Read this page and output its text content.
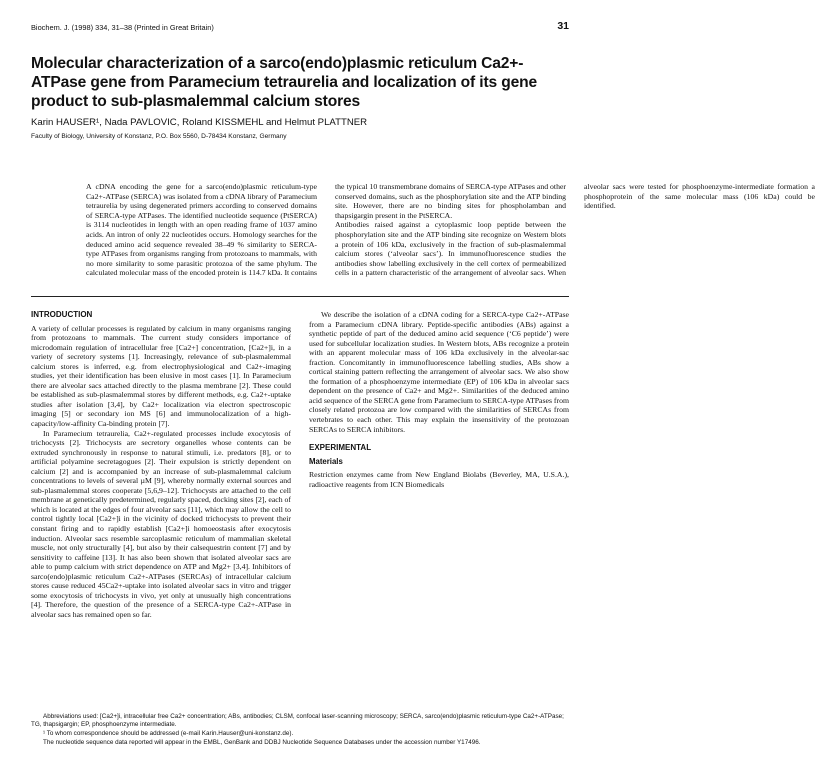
Biochem. J. (1998) 334, 31–38 (Printed in Great Britain)	31
Molecular characterization of a sarco(endo)plasmic reticulum Ca2+-ATPase gene from Paramecium tetraurelia and localization of its gene product to sub-plasmalemmal calcium stores
Karin HAUSER¹, Nada PAVLOVIC, Roland KISSMEHL and Helmut PLATTNER
Faculty of Biology, University of Konstanz, P.O. Box 5560, D-78434 Konstanz, Germany

A cDNA encoding the gene for a sarco(endo)plasmic reticulum-type Ca2+-ATPase (SERCA) was isolated from a cDNA library of Paramecium tetraurelia by using degenerated primers according to conserved domains of SERCA-type ATPases. The identified nucleotide sequence (PtSERCA) is 3114 nucleotides in length with an open reading frame of 1037 amino acids. An intron of only 22 nucleotides occurs. Homology searches for the deduced amino acid sequence revealed 38–49 % similarity to SERCA-type ATPases from organisms ranging from protozoans to mammals, with no more similarity to some parasitic protozoa of the same phylum. The calculated molecular mass of the encoded protein is 114.7 kDa. It contains the typical 10 transmembrane domains of SERCA-type ATPases and other conserved domains, such as the phosphorylation site and the ATP binding site. However, there are no binding sites for phospholamban and thapsigargin present in the PtSERCA.

Antibodies raised against a cytoplasmic loop peptide between the phosphorylation site and the ATP binding site recognize on Western blots a protein of 106 kDa, exclusively in the fraction of sub-plasmalemmal calcium stores (‘alveolar sacs’). In immunofluorescence studies the antibodies show labelling exclusively in the cell cortex of permeabilized cells in a pattern characteristic of the arrangement of alveolar sacs. When alveolar sacs were tested for phosphoenzyme-intermediate formation a phosphoprotein of the same molecular mass (106 kDa) could be identified.

INTRODUCTION

A variety of cellular processes is regulated by calcium in many organisms ranging from protozoans to mammals. The current study considers importance of microdomain regulation of intracellular free [Ca2+] concentration, [Ca2+]i, in a variety of secretory systems [1]. Increasingly, relevance of sub-plasmalemmal calcium stores is inferred, e.g. from electrophysiological and Ca2+-imaging studies, yet their identification has been elusive in most cases [1]. In Paramecium there are alveolar sacs attached directly to the plasma membrane [2]. These could be established as sub-plasmalemmal stores by different methods, e.g. Ca2+-uptake studies after isolation [3,4], by Ca2+ localization via electron spectroscopic imaging [5] or secondary ion MS [6] and immunolocalization of a high-capacity/low-affinity Ca-binding protein [7].

In Paramecium tetraurelia, Ca2+-regulated processes include exocytosis of trichocysts [2]. Trichocysts are secretory organelles whose contents can be extruded synchronously in response to natural stimuli, i.e. predators [8], or to artificial polyamine secretagogues [2]. Their expulsion is strictly dependent on calcium [2] and is accompanied by an increase of sub-plasmalemmal calcium concentrations to levels of several µM [9], whereby normally external sources and sub-plasmalemmal stores cooperate [5,6,9–12]. Trichocysts are attached to the cell membrane at genetically predetermined, regularly spaced, docking sites [2], each of which is located at the edges of four alveolar sacs [11], which may allow the cell to control tightly local [Ca2+]i in the vicinity of docked trichocysts to prevent their constant firing and to rapidly establish [Ca2+]i homoeostasis after exocytosis induction. Alveolar sacs resemble sarcoplasmic reticulum of mammalian skeletal muscle, not only structurally [4], but also by their calsequestrin content [7] and by sensitivity to caffeine [13]. It has also been shown that isolated alveolar sacs are able to pump calcium with strict dependence on ATP and Mg2+ [3,4]. Inhibitors of sarco(endo)plasmic reticulum Ca2+-ATPases (SERCAs) of intracellular calcium stores cause reduced 45Ca2+-uptake into isolated alveolar sacs in vitro and trigger some exocytosis of trichocysts in vivo, yet only at unusually high concentrations [4]. Therefore, the question of the presence of a SERCA-type Ca2+-ATPase in alveolar sacs has remained open so far.

We describe the isolation of a cDNA coding for a SERCA-type Ca2+-ATPase from a Paramecium cDNA library. Peptide-specific antibodies (ABs) against a synthetic peptide of part of the deduced amino acid sequence (‘C6 peptide’) were used for subcellular localization studies. In Western blots, ABs recognize a protein with an apparent molecular mass of 106 kDa exclusively in the alveolar-sac fraction. Concomitantly in immunofluorescence labelling studies, ABs show a cortical staining pattern reflecting the arrangement of alveolar sacs. We also show the formation of a phosphoenzyme intermediate (EP) of 106 kDa in alveolar sacs dependent on the presence of Ca2+ and Mg2+. Similarities of the deduced amino acid sequence of the SERCA gene from Paramecium to SERCA-type ATPases from closely related protozoa are low compared with the similarities of SERCAs from vertebrates to each other. This may explain the insensitivity of the protozoan SERCAs to SERCA inhibitors.

EXPERIMENTAL
Materials

Restriction enzymes came from New England Biolabs (Beverley, MA, U.S.A.), radioactive reagents from ICN Biomedicals

Abbreviations used: [Ca2+]i, intracellular free Ca2+ concentration; ABs, antibodies; CLSM, confocal laser-scanning microscopy; SERCA, sarco(endo)plasmic reticulum-type Ca2+-ATPase; TG, thapsigargin; EP, phosphoenzyme intermediate.
¹ To whom correspondence should be addressed (e-mail Karin.Hauser@uni-konstanz.de).
The nucleotide sequence data reported will appear in the EMBL, GenBank and DDBJ Nucleotide Sequence Databases under the accession number Y17496.
